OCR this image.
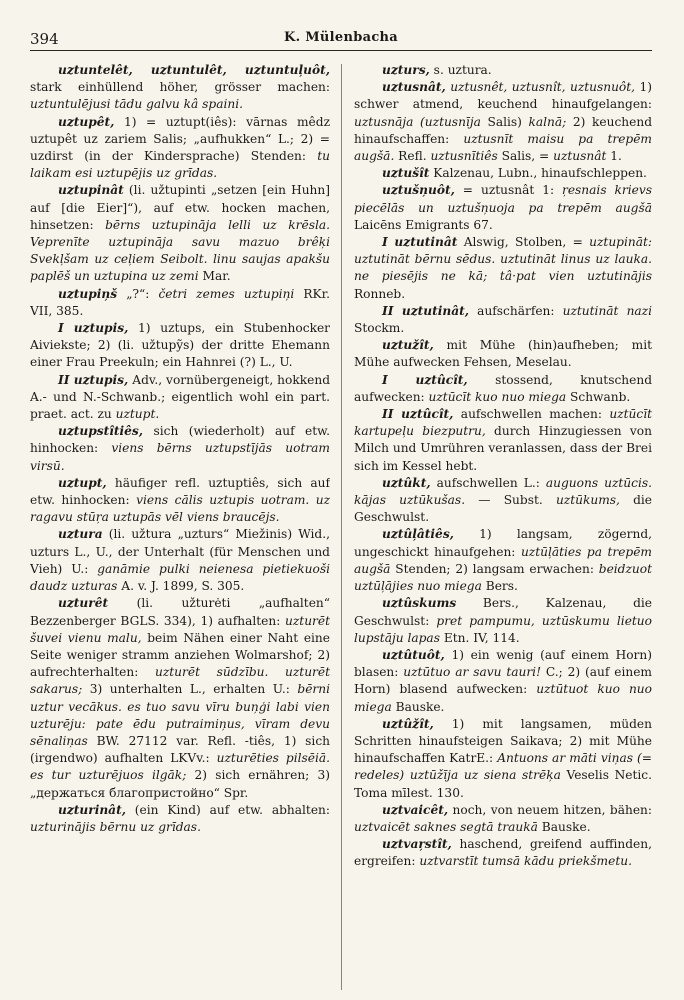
394	K. Mülenbacha
uztuntelêt, uztuntulêt, uztuntuļuôt, stark einhüllend höher, grösser machen: uztuntulējusi tādu galvu kâ spaini.
uztupêt, 1) = uztupt(iês): vārnas mêdz uztupêt uz zariem Salis; „aufhukken“ L.; 2) = uzdirst (in der Kindersprache) Stenden: tu laikam esi uztupējis uz grīdas.
uztupinât (li. užtupinti „setzen [ein Huhn] auf [die Eier]“), auf etw. hocken machen, hinsetzen: bērns uztupināja lelli uz krēsla. Veprenīte uztupināja savu mazuo brêķi Svekļšam uz ceļiem Seibolt. linu saujas apakšu paplēš un uztupina uz zemi Mar.
uztupiņš „?“: četri zemes uztupiņi RKr. VII, 385.
I uztupis, 1) uztups, ein Stubenhocker Aiviekste; 2) (li. užtupỹs) der dritte Ehemann einer Frau Preekuln; ein Hahnrei (?) L., U.
II uztupis, Adv., vornübergeneigt, hokkend A.- und N.-Schwanb.; eigentlich wohl ein part. praet. act. zu uztupt.
uztupstîtiês, sich (wiederholt) auf etw. hinhocken: viens bērns uztupstījās uotram virsū.
uztupt, häufiger refl. uztuptiês, sich auf etw. hinhocken: viens cālis uztupis uotram. uz ragavu stūŗa uztupās vēl viens braucējs.
uztura (li. užtura „uzturs“ Miežinis) Wid., uzturs L., U., der Unterhalt (für Menschen und Vieh) U.: ganāmie pulki neienesa pietiekuoši daudz uzturas A. v. J. 1899, S. 305.
uzturêt (li. užturėti „aufhalten“ Bezzenberger BGLS. 334), 1) aufhalten: uzturēt šuvei vienu malu, beim Nähen einer Naht eine Seite weniger stramm anziehen Wolmarshof; 2) aufrechterhalten: uzturēt sūdzību. uzturēt sakarus; 3) unterhalten L., erhalten U.: bērni uztur vecākus. es tuo savu vīru buņģi labi vien uzturēju: pate ēdu putraimiņus, vīram devu sēnaliņas BW. 27112 var. Refl. -tiês, 1) sich (irgendwo) aufhalten LKVv.: uzturēties pilsēiā. es tur uzturējuos ilgāk; 2) sich ernähren; 3) „держаться благопристойно“ Spr.
uzturinât, (ein Kind) auf etw. abhalten: uzturinājis bērnu uz grīdas.
uzturs, s. uztura.
uztusnât, uztusnêt, uztusnît, uztusnuôt, 1) schwer atmend, keuchend hinaufgelangen: uztusnāja (uztusnīja Salis) kalnā; 2) keuchend hinaufschaffen: uztusnīt maisu pa trepēm augšā. Refl. uztusnītiês Salis, = uztusnât 1.
uztušît Kalzenau, Lubn., hinaufschleppen.
uztušņuôt, = uztusnât 1: ŗesnais krievs piecēlās un uztušņuoja pa trepēm augšā Laicēns Emigrants 67.
I uztutinât Alswig, Stolben, = uztupināt: uztutināt bērnu sēdus. uztutināt linus uz lauka. ne piesējis ne kā; tâ·pat vien uztutinājis Ronneb.
II uztutinât, aufschärfen: uztutināt nazi Stockm.
uztužît, mit Mühe (hin)aufheben; mit Mühe aufwecken Fehsen, Meselau.
I uztûcît, stossend, knutschend aufwecken: uztūcīt kuo nuo miega Schwanb.
II uztûcît, aufschwellen machen: uztūcīt kartupeļu biezputru, durch Hinzugiessen von Milch und Umrühren veranlassen, dass der Brei sich im Kessel hebt.
uztûkt, aufschwellen L.: auguons uztūcis. kājas uztūkušas. — Subst. uztūkums, die Geschwulst.
uztûļâtiês, 1) langsam, zögernd, ungeschickt hinaufgehen: uztūļāties pa trepēm augšā Stenden; 2) langsam erwachen: beidzuot uztūļājies nuo miega Bers.
uztûskums Bers., Kalzenau, die Geschwulst: pret pampumu, uztūskumu lietuo lupstāju lapas Etn. IV, 114.
uztûtuôt, 1) ein wenig (auf einem Horn) blasen: uztūtuo ar savu tauri! C.; 2) (auf einem Horn) blasend aufwecken: uztūtuot kuo nuo miega Bauske.
uztûžît, 1) mit langsamen, müden Schritten hinaufsteigen Saikava; 2) mit Mühe hinaufschaffen KatrE.: Antuons ar māti viņas (= redeles) uztūžīja uz siena strēķa Veselis Netic. Toma mīlest. 130.
uztvaicêt, noch, von neuem hitzen, bähen: uztvaicēt saknes segtā traukā Bauske.
uztvaŗstît, haschend, greifend auffinden, ergreifen: uztvarstīt tumsā kādu priekšmetu.
